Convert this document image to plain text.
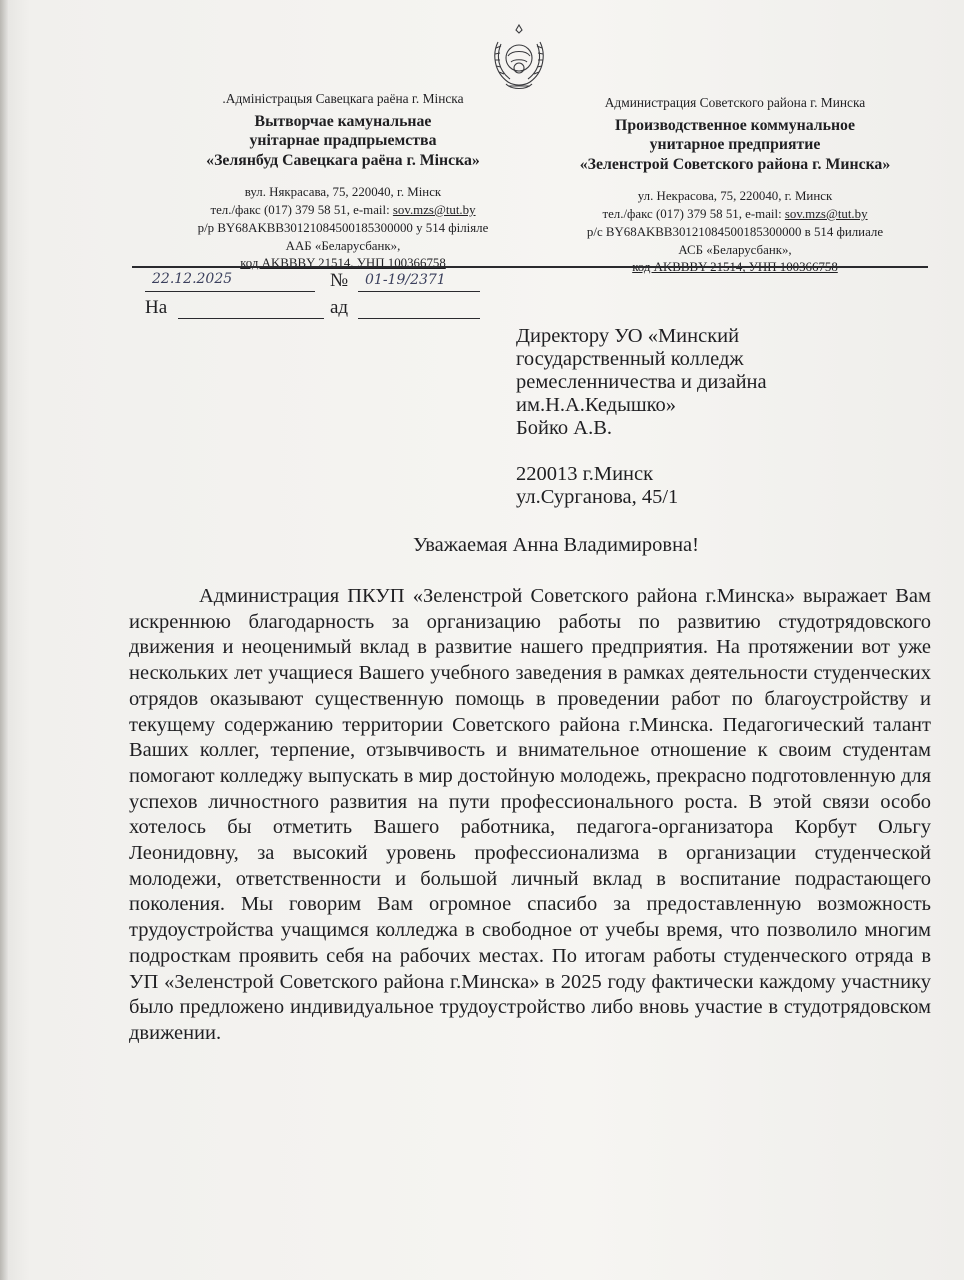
.Адміністрацыя Савецкага раёна г. Мінска
Вытворчае камунальнае
унітарнае прадпрыемства
«Зелянбуд Савецкага раёна г. Мінска»
вул. Някрасава, 75, 220040, г. Мінск
тел./факс (017) 379 58 51, e-mail: sov.mzs@tut.by
р/р BY68AKBB30121084500185300000 у 514 філіяле
ААБ «Беларусбанк»,
код AKBBBY 21514, УНП 100366758
Администрация Советского района г. Минска
Производственное коммунальное
унитарное предприятие
«Зеленстрой Советского района г. Минска»
ул. Некрасова, 75, 220040, г. Минск
тел./факс (017) 379 58 51, e-mail: sov.mzs@tut.by
р/с BY68AKBB30121084500185300000 в 514 филиале
АСБ «Беларусбанк»,
код AKBBBY 21514, УНП 100366758
22.12.2025	№ 01-19/2371
На	ад
Директору УО «Минский
государственный колледж
ремесленничества и дизайна
им.Н.А.Кедышко»
Бойко А.В.
220013 г.Минск
ул.Сурганова, 45/1
Уважаемая Анна Владимировна!
Администрация ПКУП «Зеленстрой Советского района г.Минска» выражает Вам искреннюю благодарность за организацию работы по развитию студотрядовского движения и неоценимый вклад в развитие нашего предприятия. На протяжении вот уже нескольких лет учащиеся Вашего учебного заведения в рамках деятельности студенческих отрядов оказывают существенную помощь в проведении работ по благоустройству и текущему содержанию территории Советского района г.Минска. Педагогический талант Ваших коллег, терпение, отзывчивость и внимательное отношение к своим студентам помогают колледжу выпускать в мир достойную молодежь, прекрасно подготовленную для успехов личностного развития на пути профессионального роста. В этой связи особо хотелось бы отметить Вашего работника, педагога-организатора Корбут Ольгу Леонидовну, за высокий уровень профессионализма в организации студенческой молодежи, ответственности и большой личный вклад в воспитание подрастающего поколения. Мы говорим Вам огромное спасибо за предоставленную возможность трудоустройства учащимся колледжа в свободное от учебы время, что позволило многим подросткам проявить себя на рабочих местах. По итогам работы студенческого отряда в УП «Зеленстрой Советского района г.Минска» в 2025 году фактически каждому участнику было предложено индивидуальное трудоустройство либо вновь участие в студотрядовском движении.
